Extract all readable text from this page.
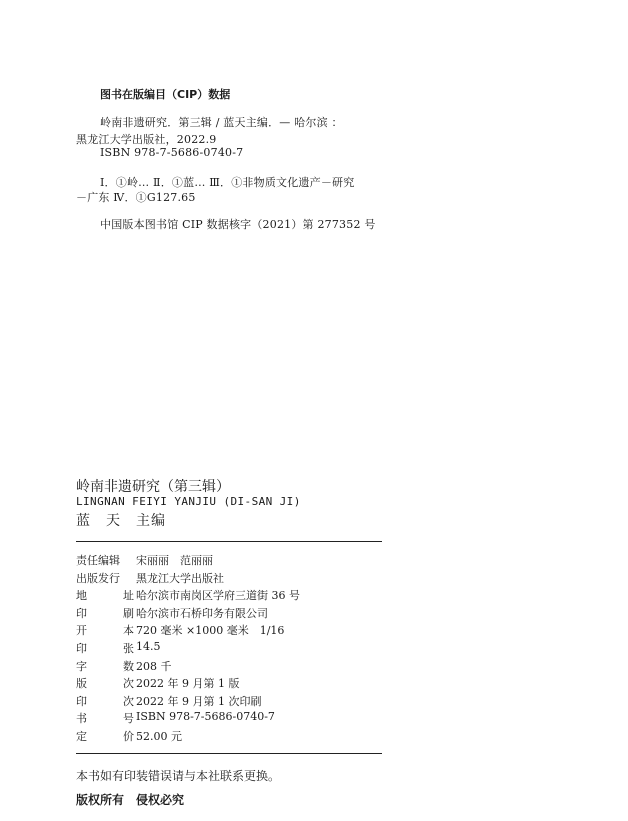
图书在版编目（CIP）数据
岭南非遗研究．第三辑 / 蓝天主编．— 哈尔滨 ：
黑龙江大学出版社，2022.9
ISBN 978-7-5686-0740-7
Ⅰ．①岭… Ⅱ．①蓝… Ⅲ．①非物质文化遗产－研究
－广东 Ⅳ．①G127.65
中国版本图书馆 CIP 数据核字（2021）第 277352 号
岭南非遗研究（第三辑）
LINGNAN FEIYI YANJIU (DI-SAN JI)
蓝　天　主编
责任编辑 宋丽丽　范丽丽
出版发行 黑龙江大学出版社
地	址 哈尔滨市南岗区学府三道街 36 号
印	刷 哈尔滨市石桥印务有限公司
开	本 720 毫米 ×1000 毫米　1/16
印	张 14.5
字	数 208 千
版	次 2022 年 9 月第 1 版
印	次 2022 年 9 月第 1 次印刷
书	号 ISBN 978-7-5686-0740-7
定	价 52.00 元
本书如有印装错误请与本社联系更换。
版权所有　侵权必究
